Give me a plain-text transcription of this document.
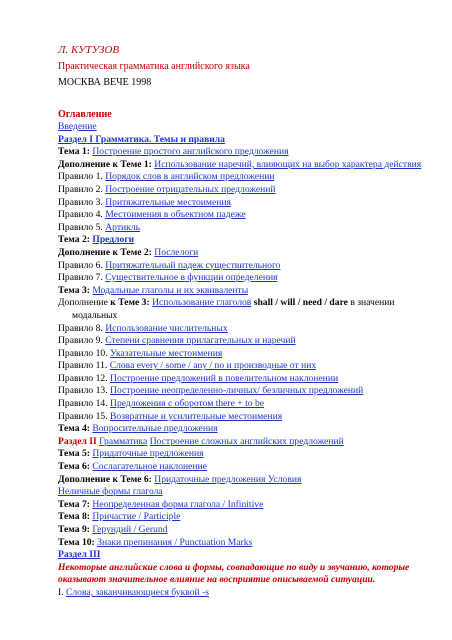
Л. КУТУЗОВ
Практическая грамматика английского языка
МОСКВА ВЕЧЕ 1998
Оглавление
Введение
Раздел I Грамматика. Темы и правила
Тема 1: Построение простого английского предложения
Дополнение к Теме 1: Использование наречий, влияющих на выбор характера действия
Правило 1. Порядок слов в английском предложении
Правило 2. Построение отрицательных предложений
Правило 3. Притяжательные местоимения
Правило 4. Местоимения в объектном падеже
Правило 5. Артикль
Тема 2: Предлоги
Дополнение к Теме 2: Послелоги
Правило 6. Притяжательный падеж существительного
Правило 7. Существительное в функции определения
Тема 3: Модальные глаголы и их эквиваленты
Дополнение к Теме 3: Использование глаголов shall / will / need / dare в значении модальных
Правило 8. Использование числительных
Правило 9. Степени сравнения прилагательных и наречий
Правило 10. Указательные местоимения
Правило 11. Слова every / some / any / no и производные от них
Правило 12. Построение предложений в повелительном наклонении
Правило 13. Построение неопределенно-личных/ безличных предложений
Правило 14. Предложения с оборотом there + to be
Правило 15. Возвратные и усилительные местоимения
Тема 4: Вопросительные предложения
Раздел II Грамматика Построение сложных английских предложений
Тема 5: Придаточные предложения
Тема 6: Сослагательное наклонение
Дополнение к Теме 6: Придаточные предложения Условия
Неличные формы глагола
Тема 7: Неопределенная форма глагола / Infinitive
Тема 8: Причастие / Participle
Тема 9: Герундий / Gerund
Тема 10: Знаки препинания / Punctuation Marks
Раздел III
Некоторые английские слова и формы, совпадающие по виду и звучанию, которые оказывают значительное влияние на восприятие описываемой ситуации.
I. Слова, заканчивающиеся буквой -s
